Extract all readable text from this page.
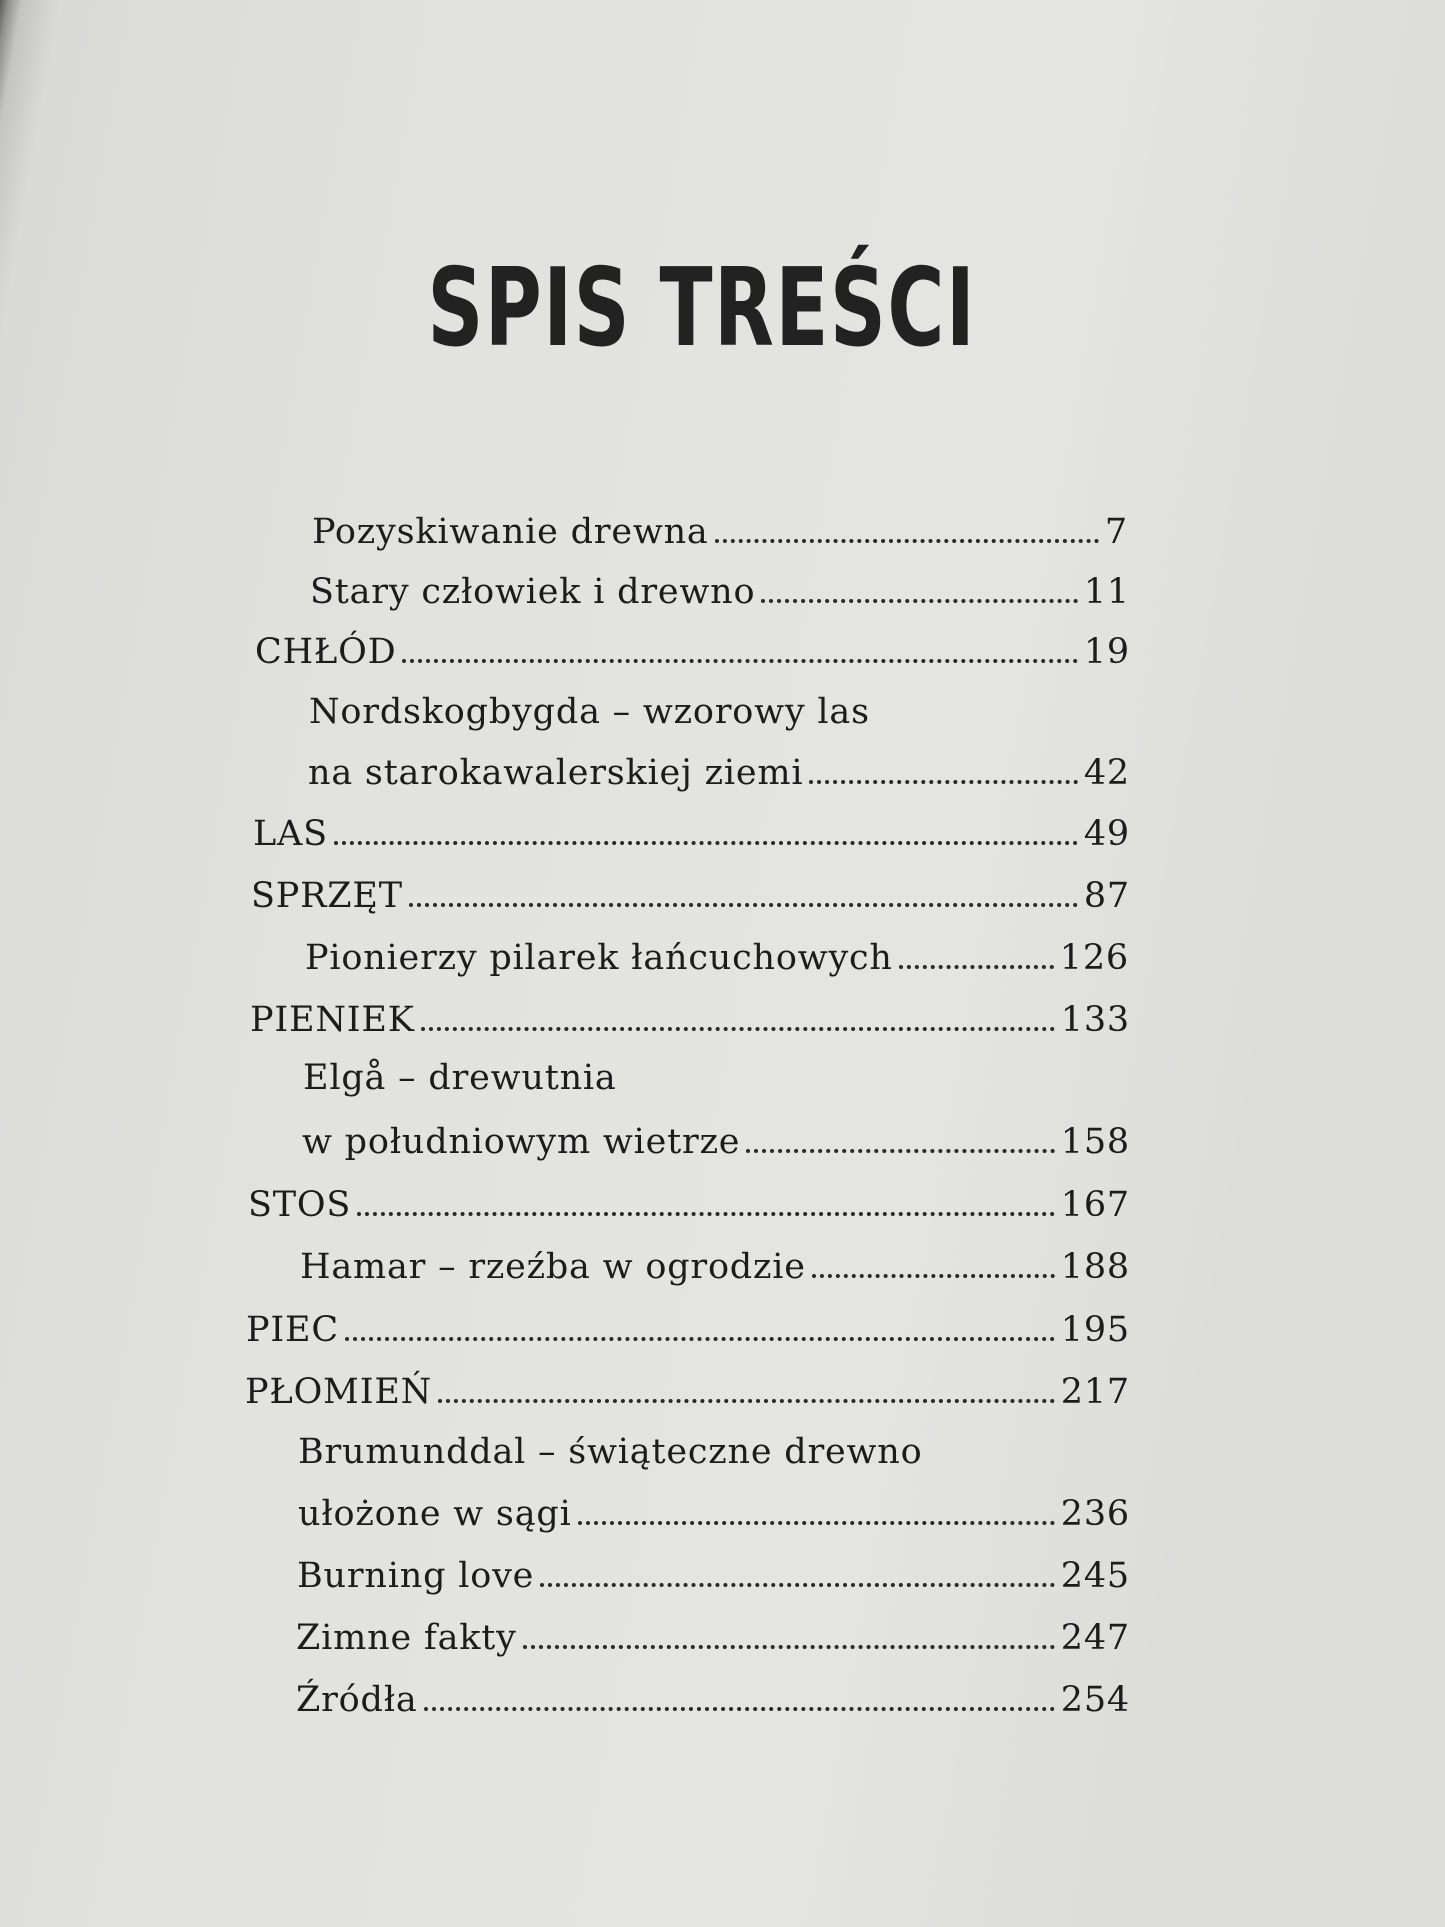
SPIS TREŚCI
Pozyskiwanie drewna	7
Stary człowiek i drewno	11
CHŁÓD	19
Nordskogbygda – wzorowy las
na starokawalerskiej ziemi	42
LAS	49
SPRZĘT	87
Pionierzy pilarek łańcuchowych	126
PIENIEK	133
Elgå – drewutnia
w południowym wietrze	158
STOS	167
Hamar – rzeźba w ogrodzie	188
PIEC	195
PŁOMIEŃ	217
Brumunddal – świąteczne drewno
ułożone w sągi	236
Burning love	245
Zimne fakty	247
Źródła	254
